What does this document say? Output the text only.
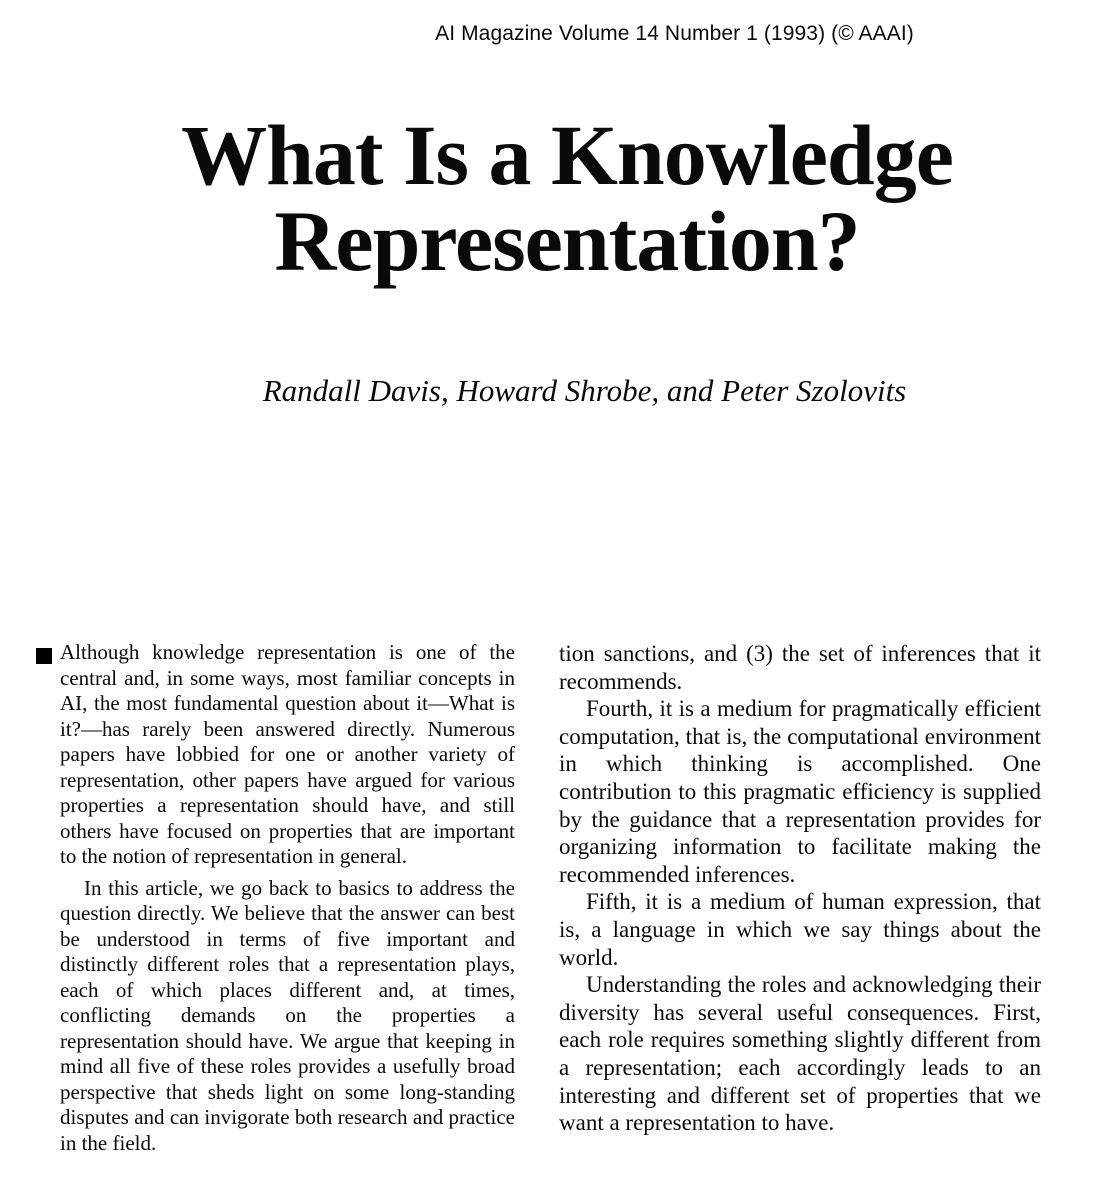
AI Magazine Volume 14 Number 1 (1993) (© AAAI)
What Is a Knowledge
Representation?
Randall Davis, Howard Shrobe, and Peter Szolovits

Although knowledge representation is one of the central and, in some ways, most familiar concepts in AI, the most fundamental question about it—What is it?—has rarely been answered directly. Numerous papers have lobbied for one or another variety of representation, other papers have argued for various properties a representation should have, and still others have focused on properties that are important to the notion of representation in general.

In this article, we go back to basics to address the question directly. We believe that the answer can best be understood in terms of five important and distinctly different roles that a representation plays, each of which places different and, at times, conflicting demands on the properties a representation should have. We argue that keeping in mind all five of these roles provides a usefully broad perspective that sheds light on some long-standing disputes and can invigorate both research and practice in the field.

tion sanctions, and (3) the set of inferences that it recommends.

Fourth, it is a medium for pragmatically efficient computation, that is, the computational environment in which thinking is accomplished. One contribution to this pragmatic efficiency is supplied by the guidance that a representation provides for organizing information to facilitate making the recommended inferences.

Fifth, it is a medium of human expression, that is, a language in which we say things about the world.

Understanding the roles and acknowledging their diversity has several useful consequences. First, each role requires something slightly different from a representation; each accordingly leads to an interesting and different set of properties that we want a representation to have.
